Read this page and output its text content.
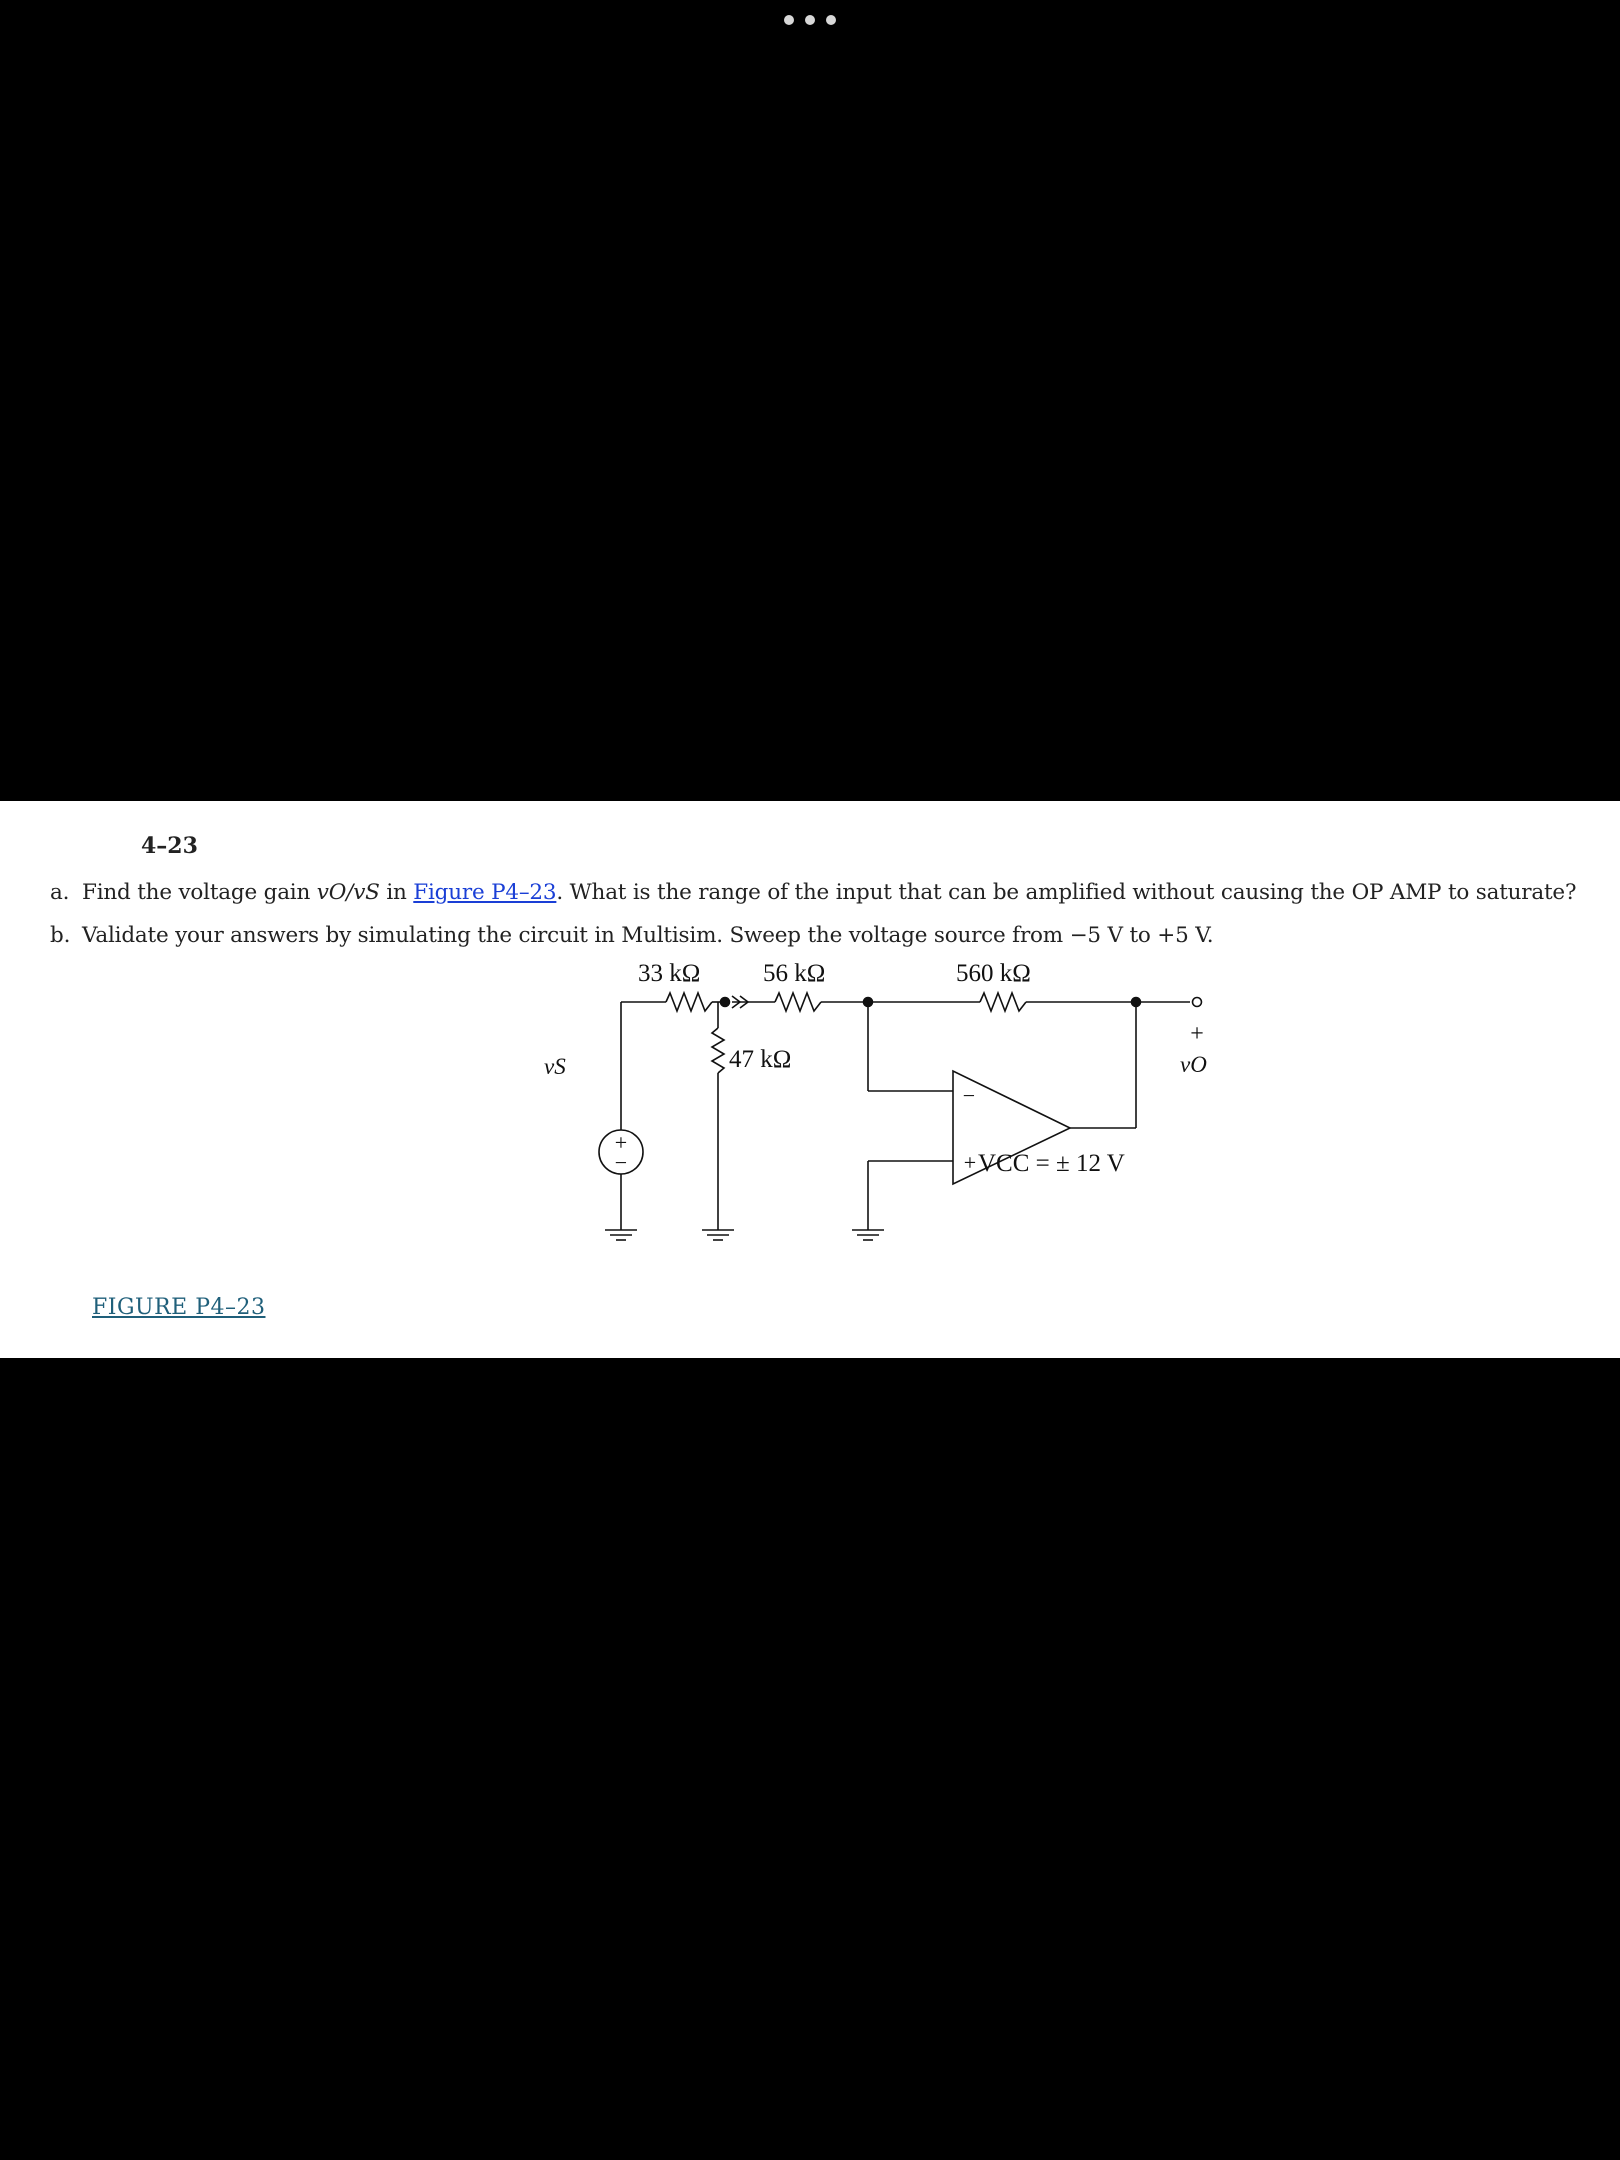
4–23

a. Find the voltage gain vO/vS in Figure P4–23. What is the range of the input that can be amplified without causing the OP AMP to saturate?

b. Validate your answers by simulating the circuit in Multisim. Sweep the voltage source from −5 V to +5 V.

33 kΩ	56 kΩ	560 kΩ
47 kΩ
vS	vO
VCC = ± 12 V
+
−
+
−
+

FIGURE P4–23
